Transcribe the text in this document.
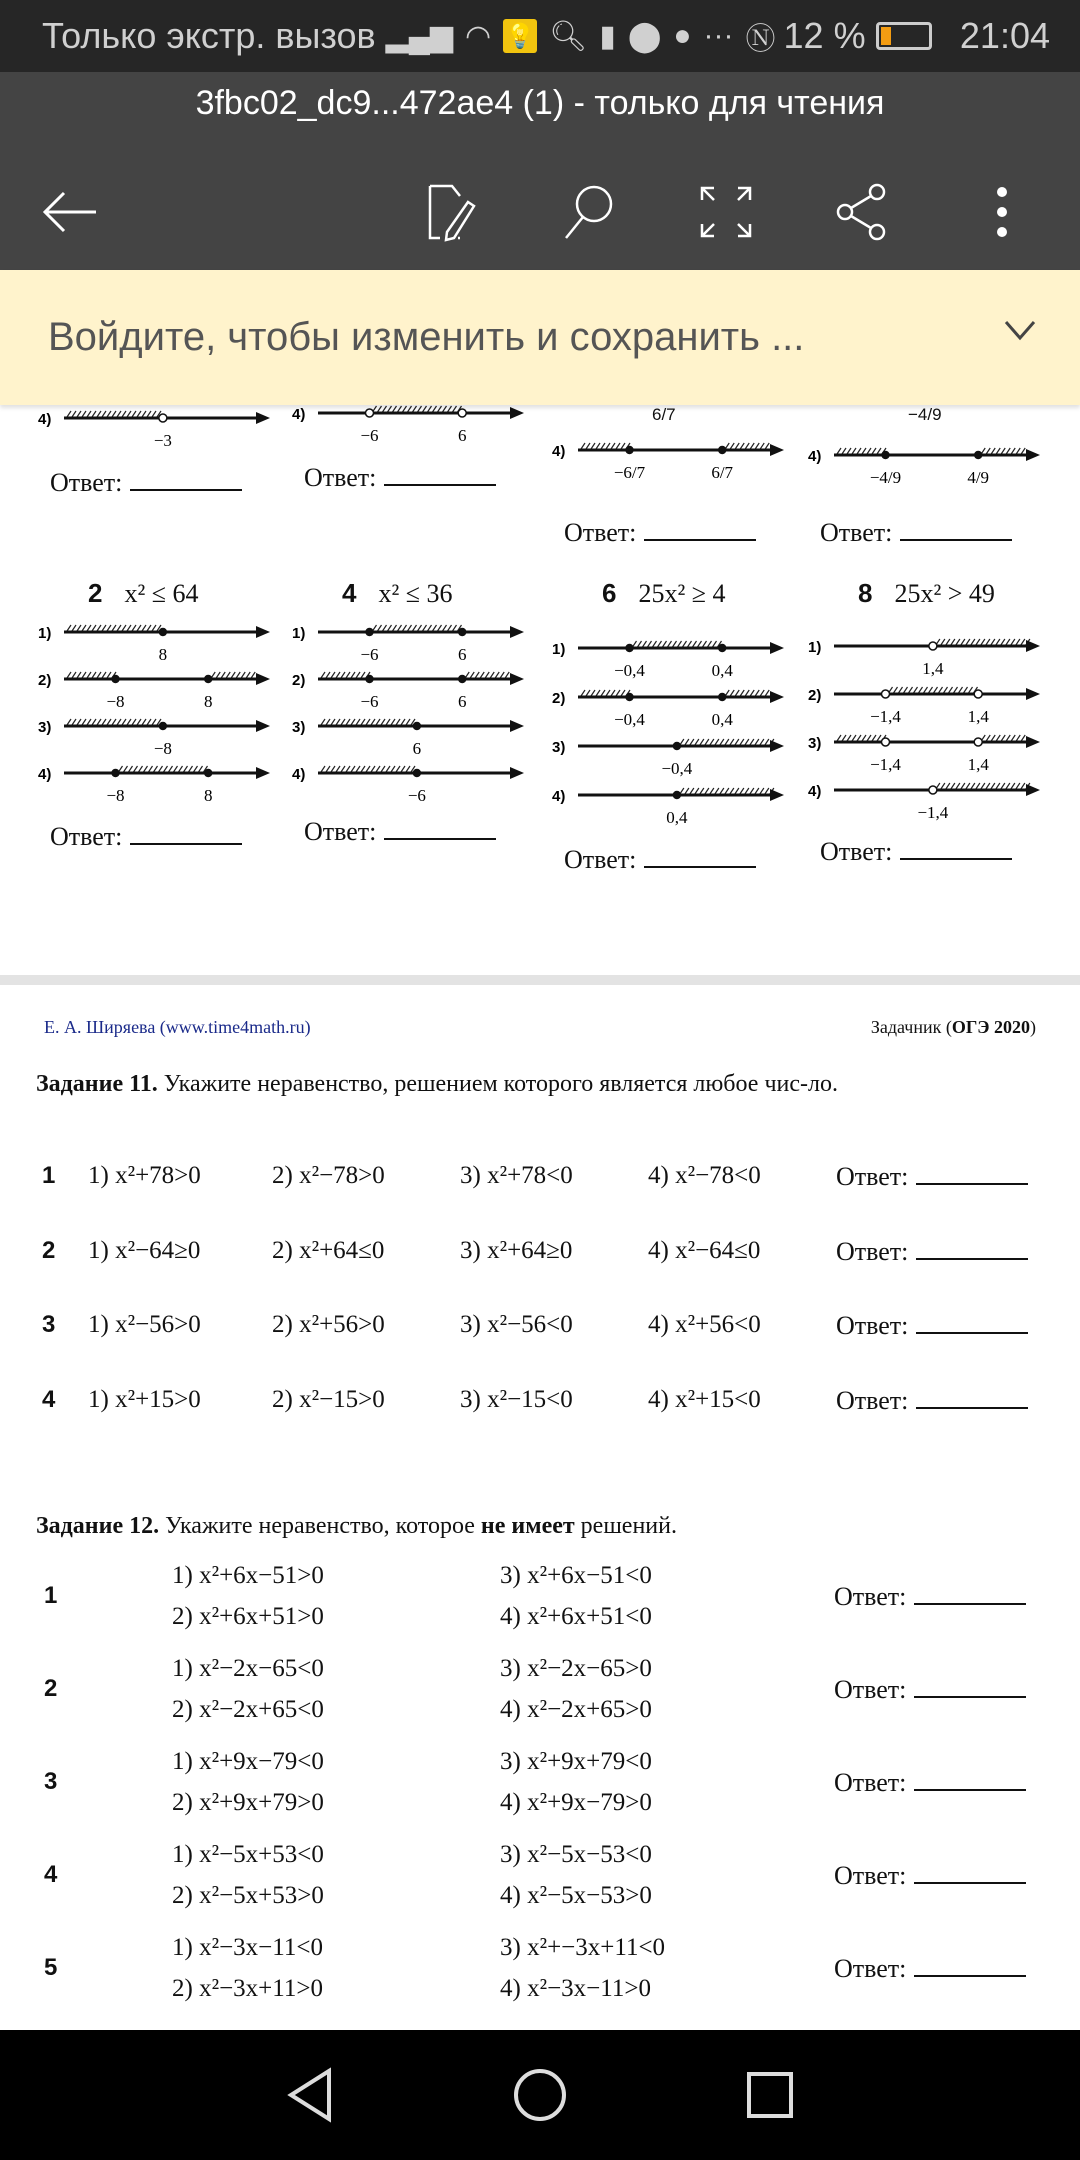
Только экстр. вызов ▂▄▆ ◠ 💡 🔍︎ ▮ ⬤ ● ··· Ⓝ 12 %	21:04
3fbc02_dc9...472ae4 (1) - только для чтения
Войдите, чтобы изменить и сохранить ...
Е. А. Ширяева (www.time4math.ru)	Задачник (ОГЭ 2020)
Задание 11. Укажите неравенство, решением которого является любое чис-ло.
Задание 12. Укажите неравенство, которое не имеет решений.
4)
−3
Ответ:
4)
−6	6
Ответ:
6/7
4)
−6/7	6/7
Ответ:
−4/9
4)
−4/9	4/9
Ответ:
2 x² ≤ 64
1)
8
2)
−8	8
3)
−8
4)
−8	8
Ответ:
4 x² ≤ 36
1)
−6	6
2)
−6	6
3)
6
4)
−6
Ответ:
6 25x² ≥ 4
1)
−0,4	0,4
2)
−0,4	0,4
3)
−0,4
4)
0,4
Ответ:
8 25x² > 49
1)
1,4
2)
−1,4	1,4
3)
−1,4	1,4
4)
−1,4
Ответ:
1 1) x²+78>0	2) x²−78>0	3) x²+78<0	4) x²−78<0	Ответ:
2 1) x²−64≥0	2) x²+64≤0	3) x²+64≥0	4) x²−64≤0	Ответ:
3 1) x²−56>0	2) x²+56>0	3) x²−56<0	4) x²+56<0	Ответ:
4 1) x²+15>0	2) x²−15>0	3) x²−15<0	4) x²+15<0	Ответ:
1
1) x²+6x−51>0
2) x²+6x+51>0
3) x²+6x−51<0
4) x²+6x+51<0
Ответ:
2
1) x²−2x−65<0
2) x²−2x+65<0
3) x²−2x−65>0
4) x²−2x+65>0
Ответ:
3
1) x²+9x−79<0
2) x²+9x+79>0
3) x²+9x+79<0
4) x²+9x−79>0
Ответ:
4
1) x²−5x+53<0
2) x²−5x+53>0
3) x²−5x−53<0
4) x²−5x−53>0
Ответ:
5
1) x²−3x−11<0
2) x²−3x+11>0
3) x²+−3x+11<0
4) x²−3x−11>0
Ответ:
